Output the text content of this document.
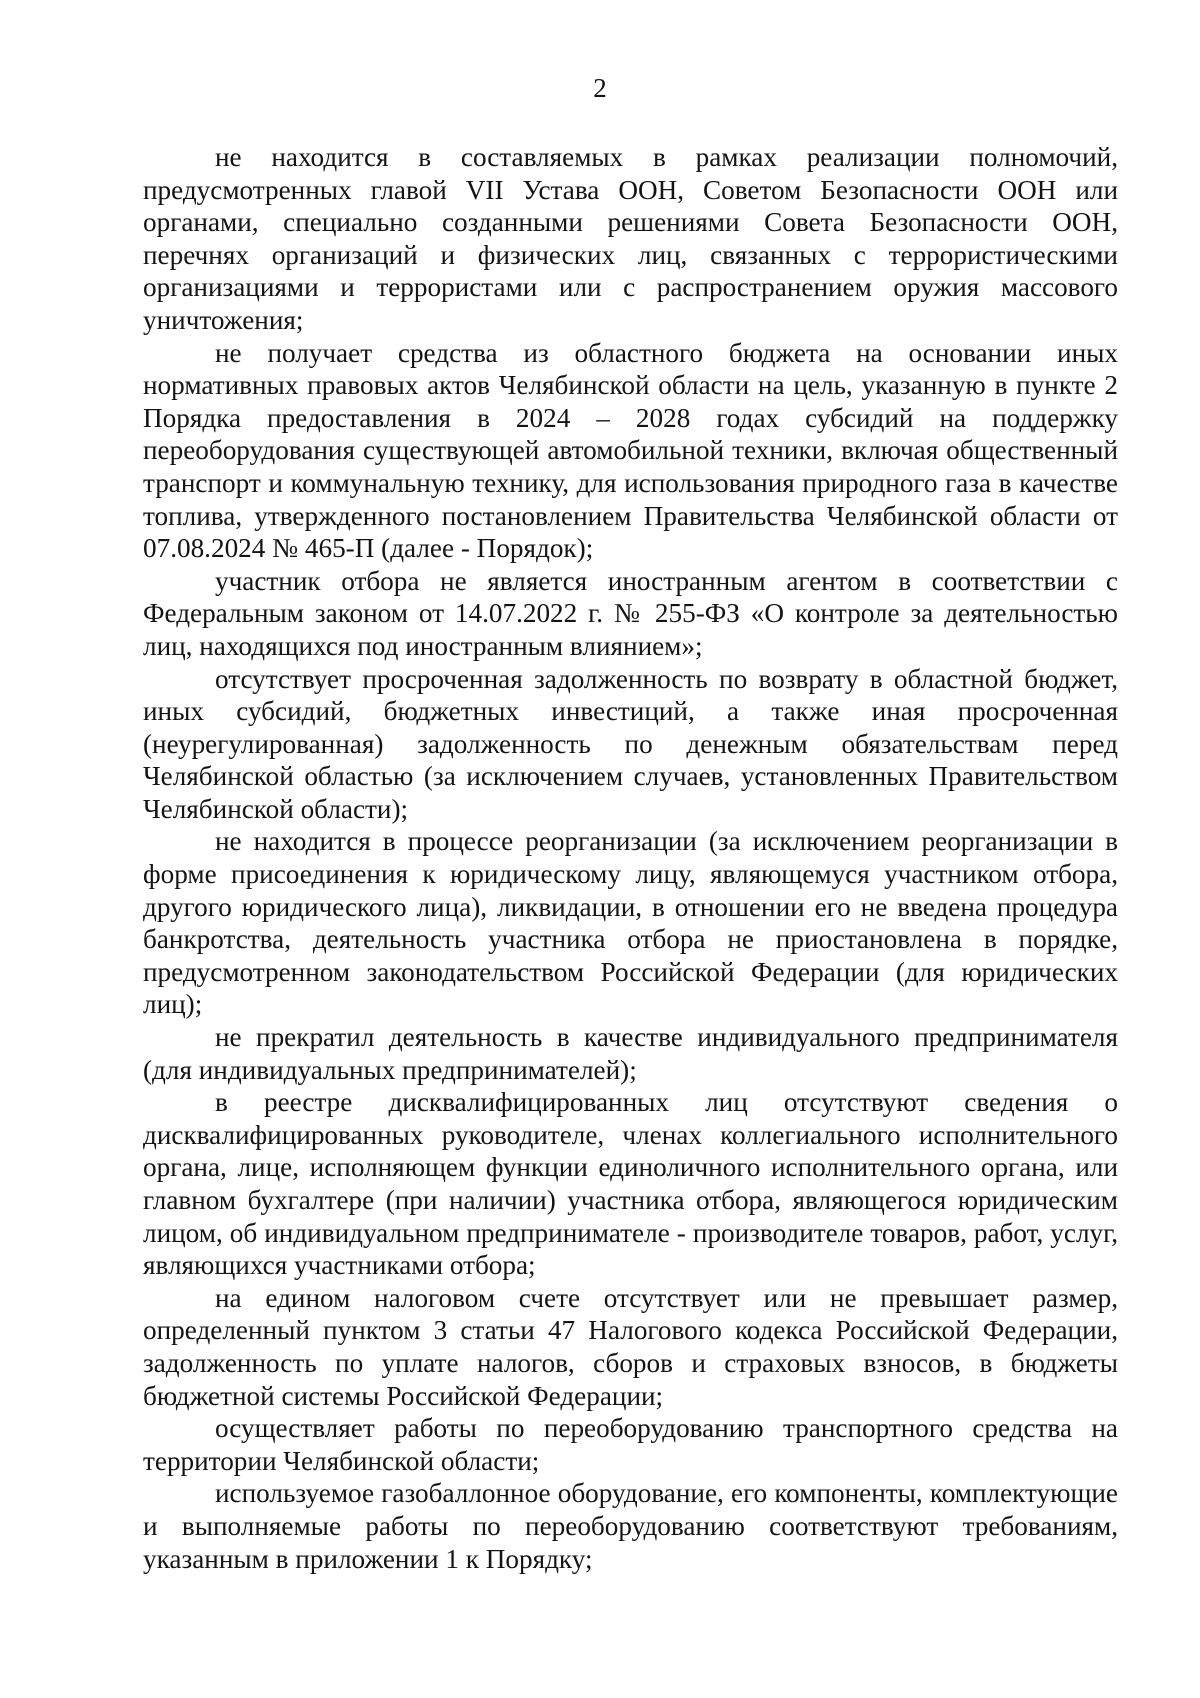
2

не находится в составляемых в рамках реализации полномочий, предусмотренных главой VII Устава ООН, Советом Безопасности ООН или органами, специально созданными решениями Совета Безопасности ООН, перечнях организаций и физических лиц, связанных с террористическими организациями и террористами или с распространением оружия массового уничтожения;

не получает средства из областного бюджета на основании иных нормативных правовых актов Челябинской области на цель, указанную в пункте 2 Порядка предоставления в 2024 – 2028 годах субсидий на поддержку переоборудования существующей автомобильной техники, включая общественный транспорт и коммунальную технику, для использования природного газа в качестве топлива, утвержденного постановлением Правительства Челябинской области от 07.08.2024 № 465-П (далее - Порядок);

участник отбора не является иностранным агентом в соответствии с Федеральным законом от 14.07.2022 г. № 255-ФЗ «О контроле за деятельностью лиц, находящихся под иностранным влиянием»;

отсутствует просроченная задолженность по возврату в областной бюджет, иных субсидий, бюджетных инвестиций, а также иная просроченная (неурегулированная) задолженность по денежным обязательствам перед Челябинской областью (за исключением случаев, установленных Правительством Челябинской области);

не находится в процессе реорганизации (за исключением реорганизации в форме присоединения к юридическому лицу, являющемуся участником отбора, другого юридического лица), ликвидации, в отношении его не введена процедура банкротства, деятельность участника отбора не приостановлена в порядке, предусмотренном законодательством Российской Федерации (для юридических лиц);

не прекратил деятельность в качестве индивидуального предпринимателя (для индивидуальных предпринимателей);

в реестре дисквалифицированных лиц отсутствуют сведения о дисквалифицированных руководителе, членах коллегиального исполнительного органа, лице, исполняющем функции единоличного исполнительного органа, или главном бухгалтере (при наличии) участника отбора, являющегося юридическим лицом, об индивидуальном предпринимателе - производителе товаров, работ, услуг, являющихся участниками отбора;

на едином налоговом счете отсутствует или не превышает размер, определенный пунктом 3 статьи 47 Налогового кодекса Российской Федерации, задолженность по уплате налогов, сборов и страховых взносов, в бюджеты бюджетной системы Российской Федерации;

осуществляет работы по переоборудованию транспортного средства на территории Челябинской области;

используемое газобаллонное оборудование, его компоненты, комплектующие и выполняемые работы по переоборудованию соответствуют требованиям, указанным в приложении 1 к Порядку;
